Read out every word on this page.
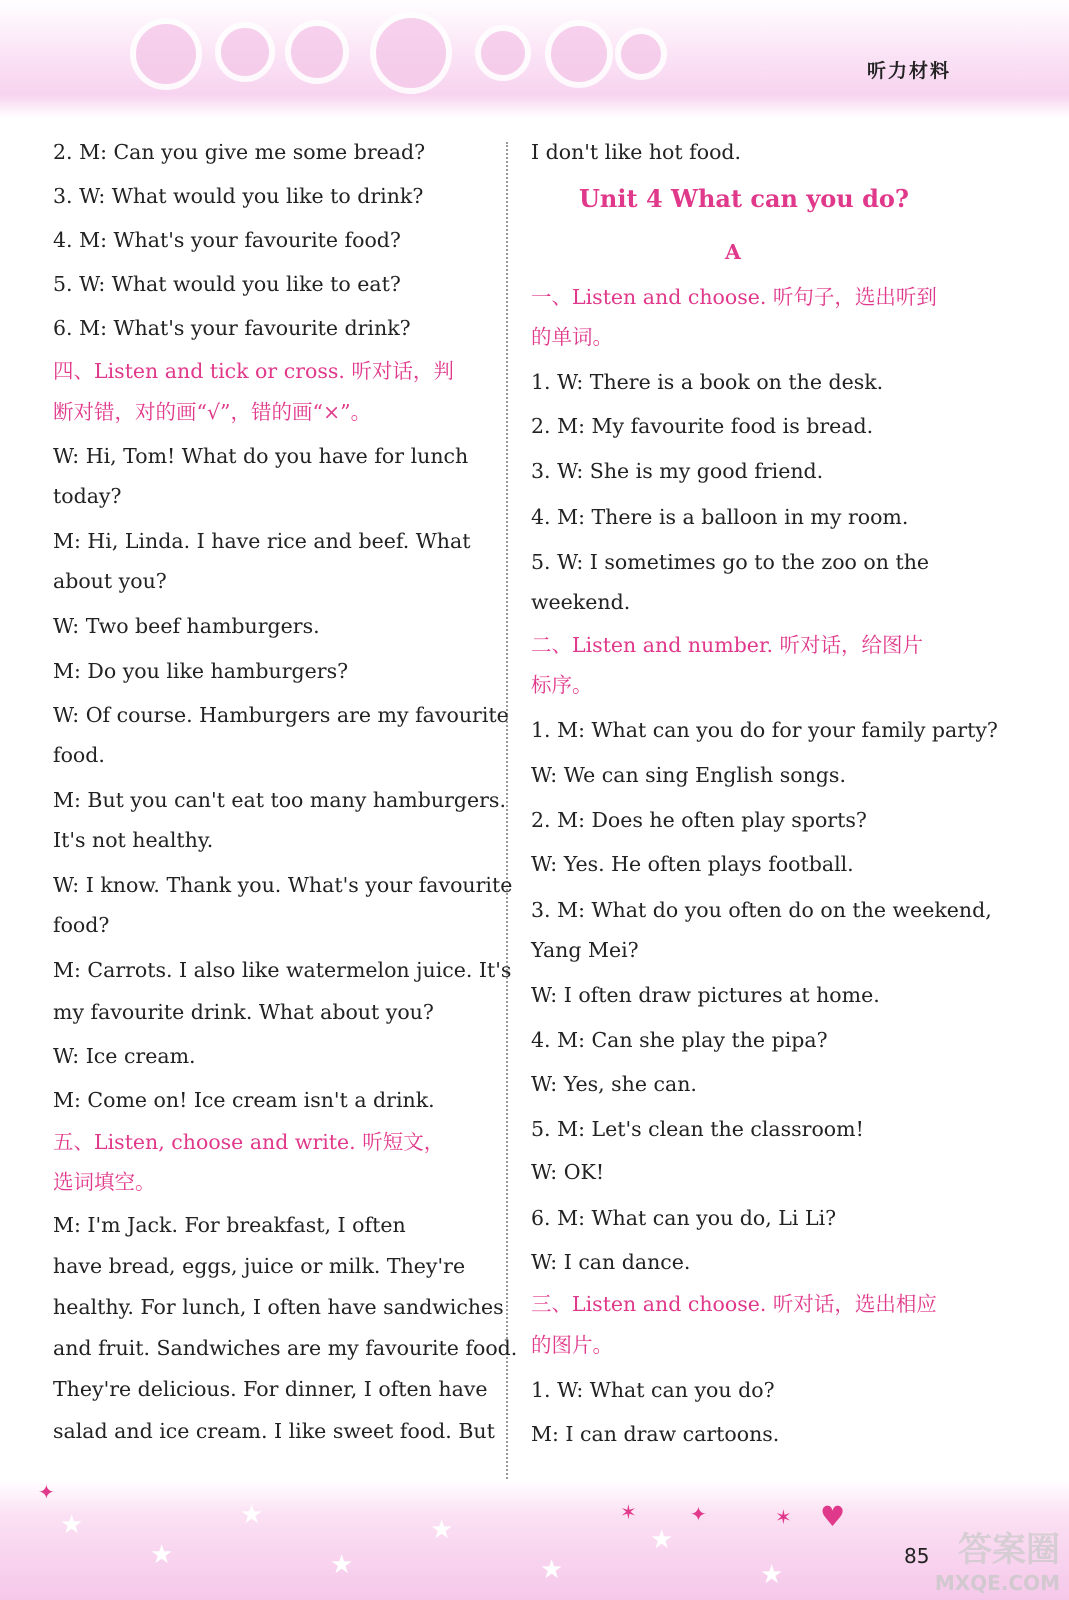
听力材料
2. M: Can you give me some bread?
3. W: What would you like to drink?
4. M: What's your favourite food?
5. W: What would you like to eat?
6. M: What's your favourite drink?
四、Listen and tick or cross. 听对话，判
断对错，对的画“√”，错的画“×”。
W: Hi, Tom! What do you have for lunch
today?
M: Hi, Linda. I have rice and beef. What
about you?
W: Two beef hamburgers.
M: Do you like hamburgers?
W: Of course. Hamburgers are my favourite
food.
M: But you can't eat too many hamburgers.
It's not healthy.
W: I know. Thank you. What's your favourite
food?
M: Carrots. I also like watermelon juice. It's
my favourite drink. What about you?
W: Ice cream.
M: Come on! Ice cream isn't a drink.
五、Listen, choose and write. 听短文，
选词填空。
M: I'm Jack. For breakfast, I often
have bread, eggs, juice or milk. They're
healthy. For lunch, I often have sandwiches
and fruit. Sandwiches are my favourite food.
They're delicious. For dinner, I often have
salad and ice cream. I like sweet food. But
I don't like hot food.
Unit 4 What can you do?
A
一、Listen and choose. 听句子，选出听到
的单词。
1. W: There is a book on the desk.
2. M: My favourite food is bread.
3. W: She is my good friend.
4. M: There is a balloon in my room.
5. W: I sometimes go to the zoo on the
weekend.
二、Listen and number. 听对话，给图片
标序。
1. M: What can you do for your family party?
W: We can sing English songs.
2. M: Does he often play sports?
W: Yes. He often plays football.
3. M: What do you often do on the weekend,
Yang Mei?
W: I often draw pictures at home.
4. M: Can she play the pipa?
W: Yes, she can.
5. M: Let's clean the classroom!
W: OK!
6. M: What can you do, Li Li?
W: I can dance.
三、Listen and choose. 听对话，选出相应
的图片。
1. W: What can you do?
M: I can draw cartoons.
★
★
★
★
★
★
★
★
✦
✶	✦	✶ ♥
答案圈
MXQE.COM
85
